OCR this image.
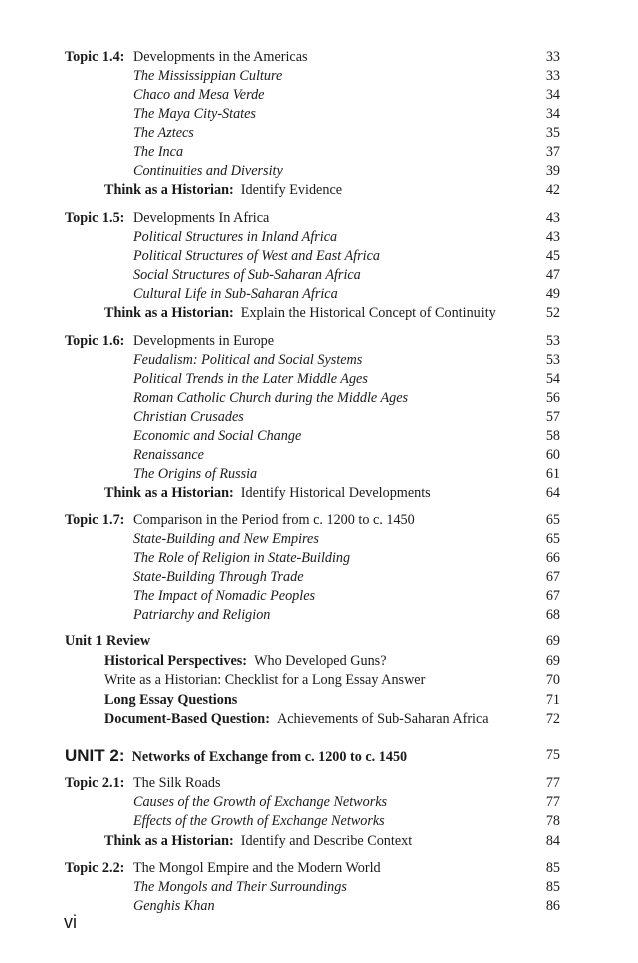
Topic 1.4: Developments in the Americas	33
The Mississippian Culture	33
Chaco and Mesa Verde	34
The Maya City-States	34
The Aztecs	35
The Inca	37
Continuities and Diversity	39
Think as a Historian: Identify Evidence	42
Topic 1.5: Developments In Africa	43
Political Structures in Inland Africa	43
Political Structures of West and East Africa	45
Social Structures of Sub-Saharan Africa	47
Cultural Life in Sub-Saharan Africa	49
Think as a Historian: Explain the Historical Concept of Continuity	52
Topic 1.6: Developments in Europe	53
Feudalism: Political and Social Systems	53
Political Trends in the Later Middle Ages	54
Roman Catholic Church during the Middle Ages	56
Christian Crusades	57
Economic and Social Change	58
Renaissance	60
The Origins of Russia	61
Think as a Historian: Identify Historical Developments	64
Topic 1.7: Comparison in the Period from c. 1200 to c. 1450	65
State-Building and New Empires	65
The Role of Religion in State-Building	66
State-Building Through Trade	67
The Impact of Nomadic Peoples	67
Patriarchy and Religion	68
Unit 1 Review	69
Historical Perspectives: Who Developed Guns?	69
Write as a Historian: Checklist for a Long Essay Answer	70
Long Essay Questions	71
Document-Based Question: Achievements of Sub-Saharan Africa	72
UNIT 2: Networks of Exchange from c. 1200 to c. 1450	75
Topic 2.1: The Silk Roads	77
Causes of the Growth of Exchange Networks	77
Effects of the Growth of Exchange Networks	78
Think as a Historian: Identify and Describe Context	84
Topic 2.2: The Mongol Empire and the Modern World	85
The Mongols and Their Surroundings	85
Genghis Khan	86
vi
